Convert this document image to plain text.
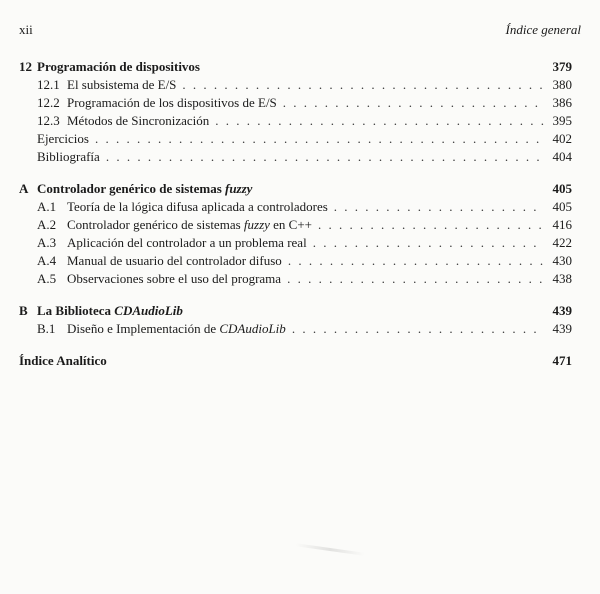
xii	Índice general
12 Programación de dispositivos	379
12.1 El subsistema de E/S . . .	380
12.2 Programación de los dispositivos de E/S . . .	386
12.3 Métodos de Sincronización . . .	395
Ejercicios . . .	402
Bibliografía . . .	404
A Controlador genérico de sistemas fuzzy	405
A.1 Teoría de la lógica difusa aplicada a controladores . . .	405
A.2 Controlador genérico de sistemas fuzzy en C++ . . .	416
A.3 Aplicación del controlador a un problema real . . .	422
A.4 Manual de usuario del controlador difuso . . .	430
A.5 Observaciones sobre el uso del programa . . .	438
B La Biblioteca CDAudioLib	439
B.1 Diseño e Implementación de CDAudioLib . . .	439
Índice Analítico	471
